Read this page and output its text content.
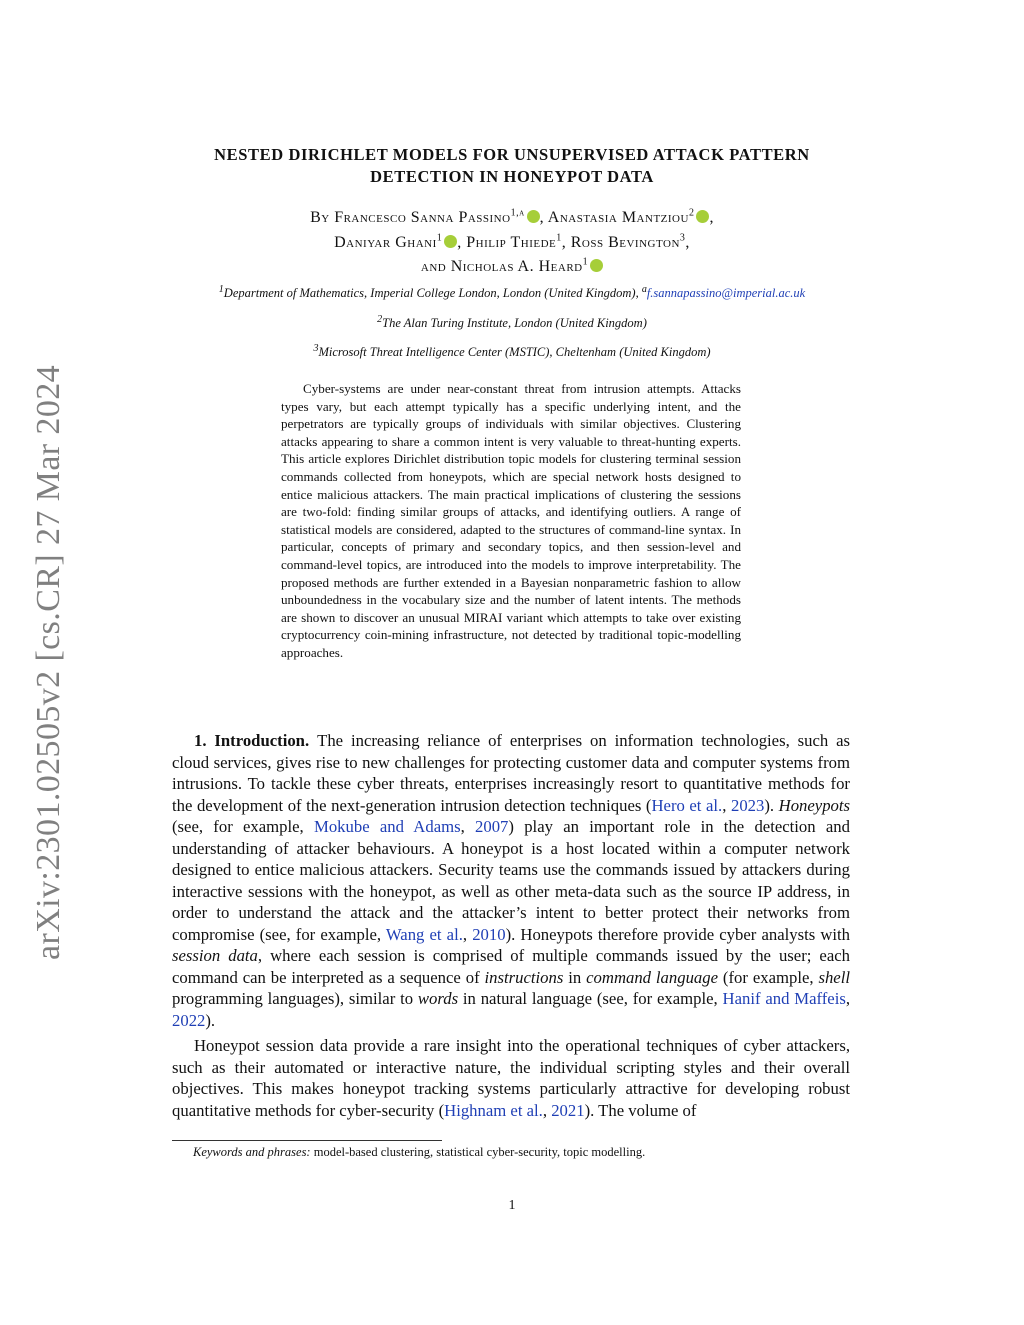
arXiv:2301.02505v2 [cs.CR] 27 Mar 2024
NESTED DIRICHLET MODELS FOR UNSUPERVISED ATTACK PATTERN
DETECTION IN HONEYPOT DATA
By Francesco Sanna Passino$^{1,a}$ , Anastasia Mantziou$^2$ ,
Daniyar Ghani$^1$ , Philip Thiede$^1$, Ross Bevington$^3$,
and Nicholas A. Heard$^1$
$^1$Department of Mathematics, Imperial College London, London (United Kingdom), $^a$f.sannapassino@imperial.ac.uk
$^2$The Alan Turing Institute, London (United Kingdom)
$^3$Microsoft Threat Intelligence Center (MSTIC), Cheltenham (United Kingdom)
Cyber-systems are under near-constant threat from intrusion attempts. Attacks types vary, but each attempt typically has a specific underlying intent, and the perpetrators are typically groups of individuals with similar objectives. Clustering attacks appearing to share a common intent is very valuable to threat-hunting experts. This article explores Dirichlet distribution topic models for clustering terminal session commands collected from honeypots, which are special network hosts designed to entice malicious attackers. The main practical implications of clustering the sessions are two-fold: finding similar groups of attacks, and identifying outliers. A range of statistical models are considered, adapted to the structures of command-line syntax. In particular, concepts of primary and secondary topics, and then session-level and command-level topics, are introduced into the models to improve interpretability. The proposed methods are further extended in a Bayesian nonparametric fashion to allow unboundedness in the vocabulary size and the number of latent intents. The methods are shown to discover an unusual MIRAI variant which attempts to take over existing cryptocurrency coin-mining infrastructure, not detected by traditional topic-modelling approaches.

1. Introduction. The increasing reliance of enterprises on information technologies, such as cloud services, gives rise to new challenges for protecting customer data and computer systems from intrusions. To tackle these cyber threats, enterprises increasingly resort to quantitative methods for the development of the next-generation intrusion detection techniques (Hero et al., 2023). Honeypots (see, for example, Mokube and Adams, 2007) play an important role in the detection and understanding of attacker behaviours. A honeypot is a host located within a computer network designed to entice malicious attackers. Security teams use the commands issued by attackers during interactive sessions with the honeypot, as well as other meta-data such as the source IP address, in order to understand the attack and the attacker’s intent to better protect their networks from compromise (see, for example, Wang et al., 2010). Honeypots therefore provide cyber analysts with session data, where each session is comprised of multiple commands issued by the user; each command can be interpreted as a sequence of instructions in command language (for example, shell programming languages), similar to words in natural language (see, for example, Hanif and Maffeis, 2022).

Honeypot session data provide a rare insight into the operational techniques of cyber attackers, such as their automated or interactive nature, the individual scripting styles and their overall objectives. This makes honeypot tracking systems particularly attractive for developing robust quantitative methods for cyber-security (Highnam et al., 2021). The volume of

Keywords and phrases: model-based clustering, statistical cyber-security, topic modelling.
1
